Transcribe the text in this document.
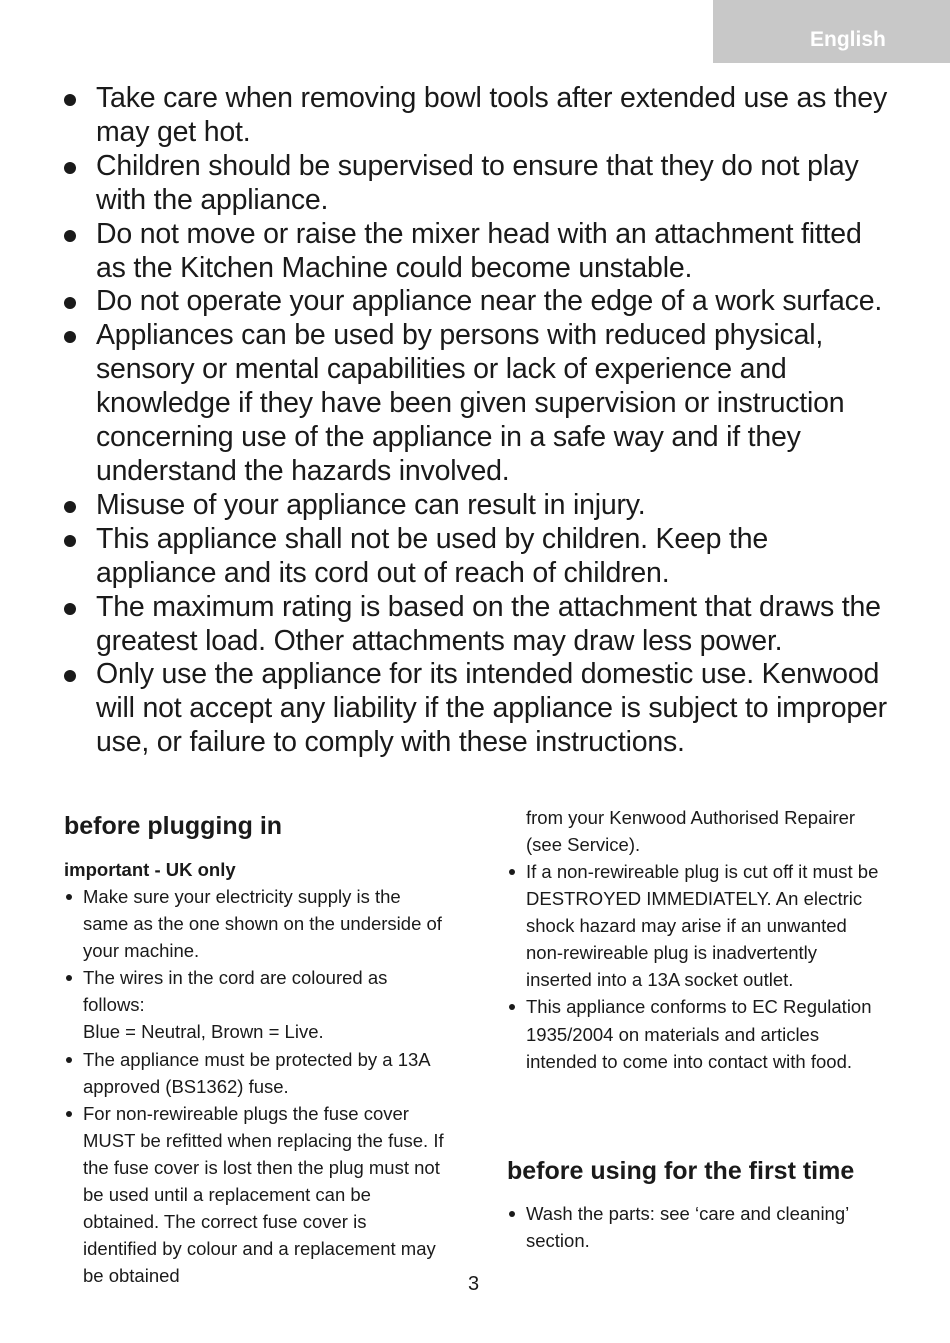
English
Take care when removing bowl tools after extended use as they may get hot.
Children should be supervised to ensure that they do not play with the appliance.
Do not move or raise the mixer head with an attachment fitted as the Kitchen Machine could become unstable.
Do not operate your appliance near the edge of a work surface.
Appliances can be used by persons with reduced physical, sensory or mental capabilities or lack of experience and knowledge if they have been given supervision or instruction concerning use of the appliance in a safe way and if they understand the hazards involved.
Misuse of your appliance can result in injury.
This appliance shall not be used by children. Keep the appliance and its cord out of reach of children.
The maximum rating is based on the attachment that draws the greatest load. Other attachments may draw less power.
Only use the appliance for its intended domestic use. Kenwood will not accept any liability if the appliance is subject to improper use, or failure to comply with these instructions.
before plugging in
important - UK only
Make sure your electricity supply is the same as the one shown on the underside of your machine.
The wires in the cord are coloured as follows:
Blue = Neutral, Brown = Live.
The appliance must be protected by a 13A approved (BS1362) fuse.
For non-rewireable plugs the fuse cover MUST be refitted when replacing the fuse. If the fuse cover is lost then the plug must not be used until a replacement can be obtained. The correct fuse cover is identified by colour and a replacement may be obtained
from your Kenwood Authorised Repairer (see Service).
If a non-rewireable plug is cut off it must be DESTROYED IMMEDIATELY. An electric shock hazard may arise if an unwanted non-rewireable plug is inadvertently inserted into a 13A socket outlet.
This appliance conforms to EC Regulation 1935/2004 on materials and articles intended to come into contact with food.
before using for the first time
Wash the parts: see ‘care and cleaning’ section.
3
